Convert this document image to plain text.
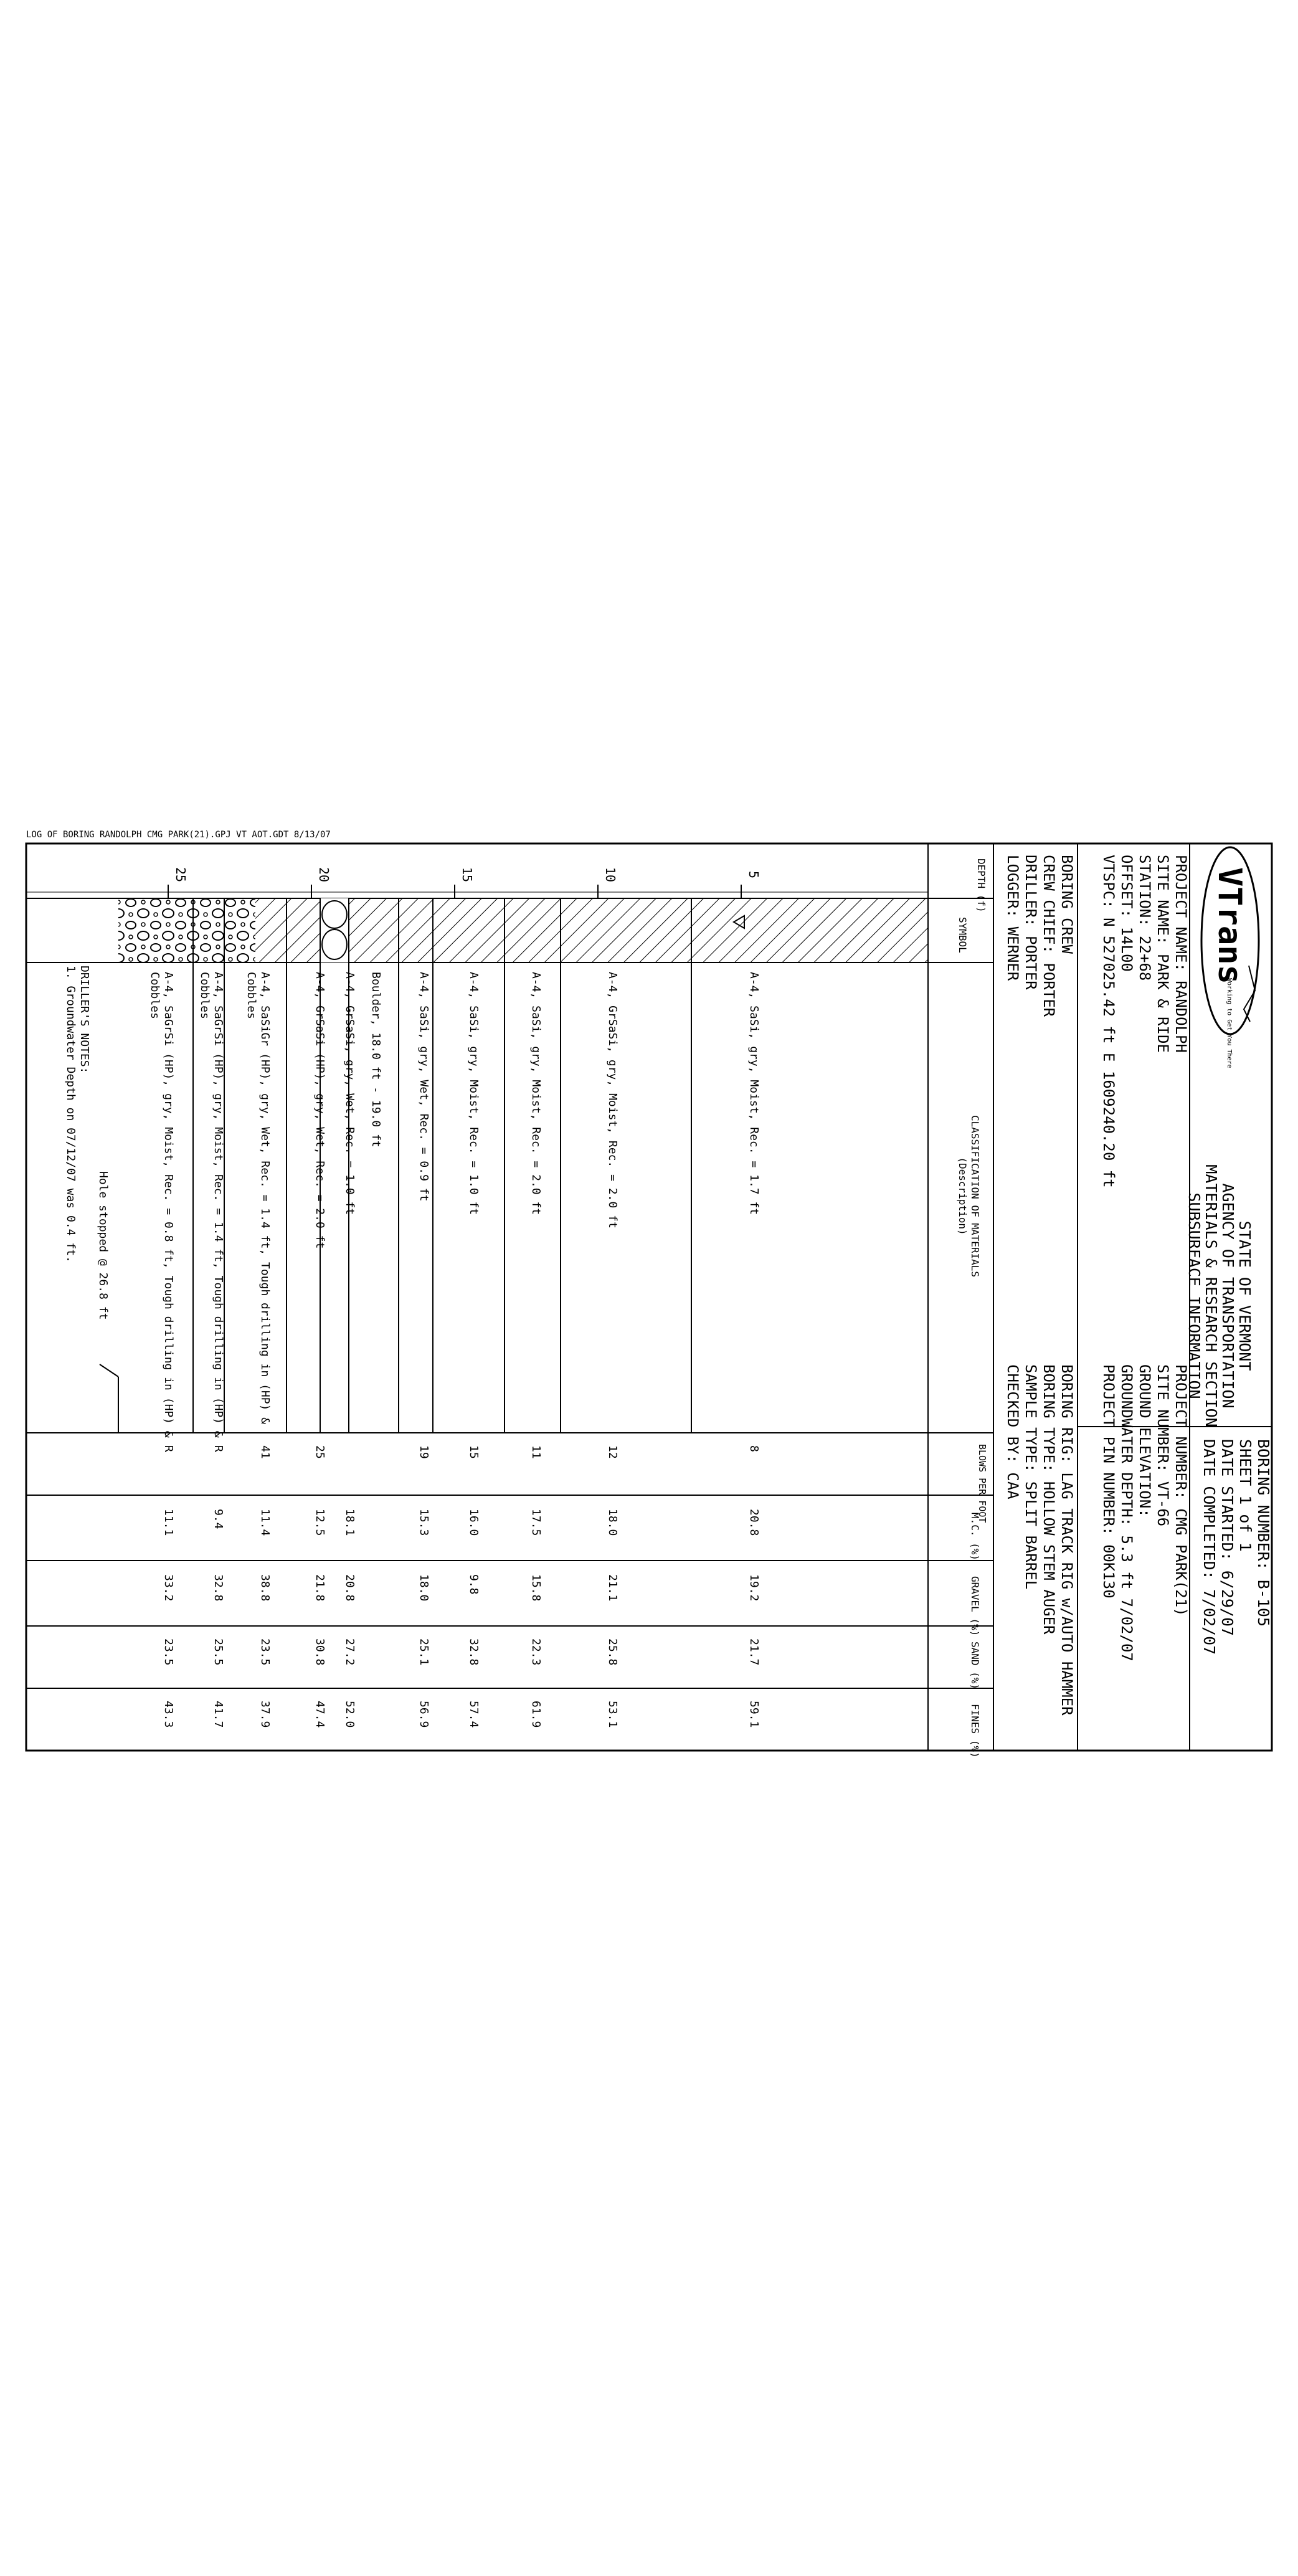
LOG OF BORING RANDOLPH CMG PARK(21).GPJ VT AOT.GDT 8/13/07
VTrans
Working to Get You There
STATE OF VERMONT
AGENCY OF TRANSPORTATION
MATERIALS & RESEARCH SECTION
SUBSURFACE INFORMATION
BORING NUMBER: B-105
SHEET 1 of 1
DATE STARTED: 6/29/07
DATE COMPLETED: 7/02/07
PROJECT NAME: RANDOLPH
SITE NAME: PARK & RIDE
STATION: 22+68
OFFSET: 14L00
VTSPC: N 527025.42 ft E 1609240.20 ft
PROJECT NUMBER: CMG PARK(21)
SITE NUMBER: VT-66
GROUND ELEVATION:
GROUNDWATER DEPTH: 5.3 ft 7/02/07
PROJECT PIN NUMBER: 00K130
BORING CREW
CREW CHIEF: PORTER
DRILLER: PORTER
LOGGER: WERNER
BORING RIG: LAG TRACK RIG w/AUTO HAMMER
BORING TYPE: HOLLOW STEM AUGER
SAMPLE TYPE: SPLIT BARREL
CHECKED BY: CAA
DEPTH (f)
SYMBOL
CLASSIFICATION OF MATERIALS
(Description)
BLOWS PER FOOT
M.C. (%)
GRAVEL (%)
SAND (%)
FINES (%)
5
10
15
20
25
A-4, SaSi, gry, Moist, Rec. = 1.7 ft
8
20.8
19.2
21.7
59.1
A-4, GrSaSi, gry, Moist, Rec. = 2.0 ft
12
18.0
21.1
25.8
53.1
A-4, SaSi, gry, Moist, Rec. = 2.0 ft
11
17.5
15.8
22.3
61.9
A-4, SaSi, gry, Moist, Rec. = 1.0 ft
15
16.0
9.8
32.8
57.4
A-4, SaSi, gry, Wet, Rec. = 0.9 ft
19
15.3
18.0
25.1
56.9
Boulder, 18.0 ft - 19.0 ft
A-4, GrSaSi, gry, Wet, Rec. = 1.0 ft
18.1
20.8
27.2
52.0
A-4, GrSaSi (HP), gry, Wet, Rec. = 2.0 ft
25
12.5
21.8
30.8
47.4
A-4, SaSiGr (HP), gry, Wet, Rec. = 1.4 ft, Tough drilling in (HP) &
Cobbles
41
11.4
38.8
23.5
37.9
A-4, SaGrSi (HP), gry, Moist, Rec. = 1.4 ft, Tough drilling in (HP) &
Cobbles
R
9.4
32.8
25.5
41.7
A-4, SaGrSi (HP), gry, Moist, Rec. = 0.8 ft, Tough drilling in (HP) &
Cobbles
R
11.1
33.2
23.5
43.3
Hole stopped @ 26.8 ft
DRILLER'S NOTES:
1. Groundwater Depth on 07/12/07 was 0.4 ft.
